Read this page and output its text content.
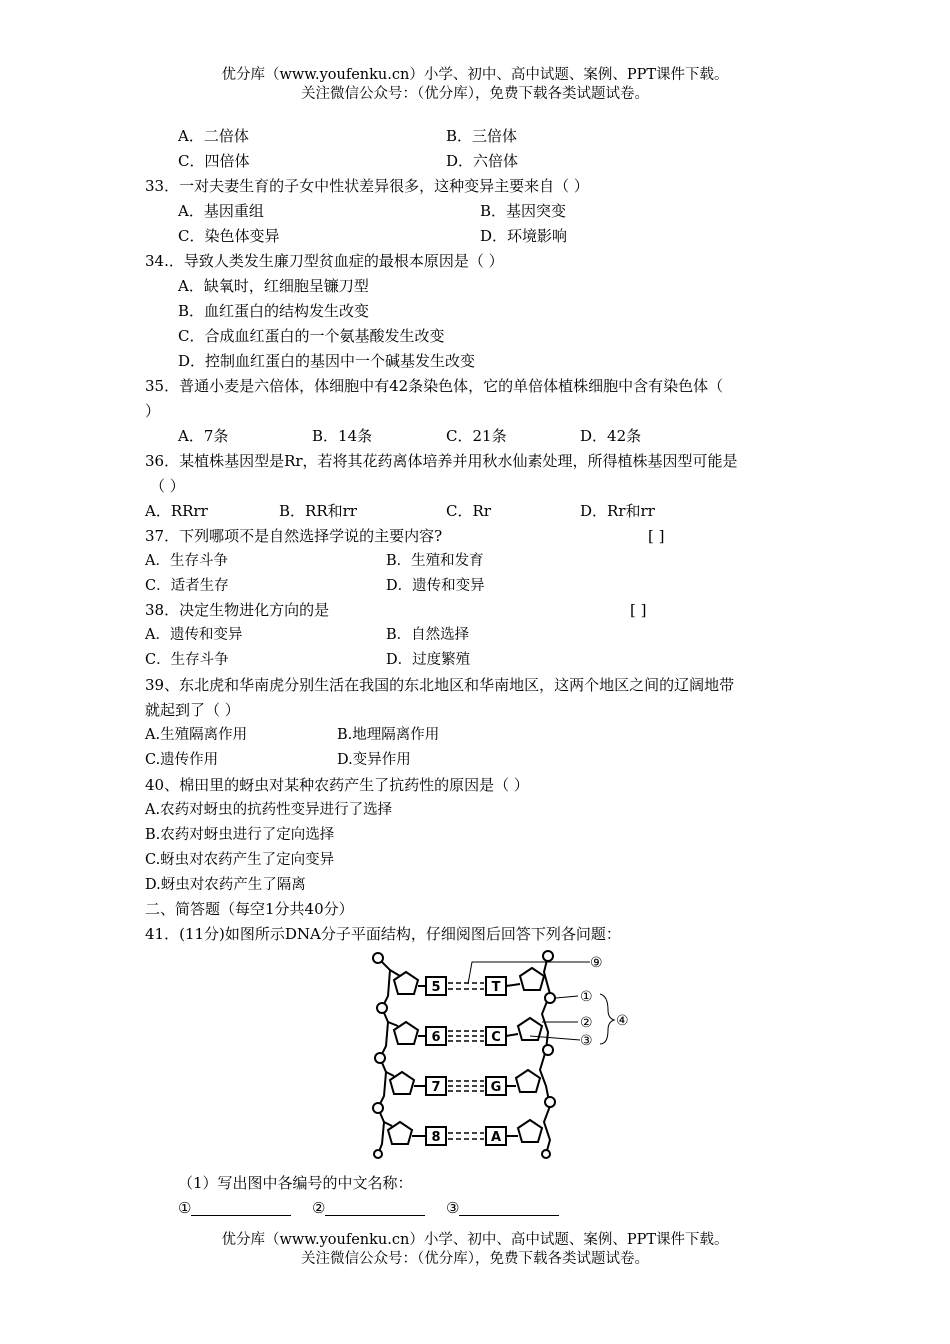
优分库（www.youfenku.cn）小学、初中、高中试题、案例、PPT课件下载。
关注微信公众号：（优分库），免费下载各类试题试卷。
A．二倍体	B．三倍体
C．四倍体	D．六倍体
33．一对夫妻生育的子女中性状差异很多，这种变异主要来自（ ）
A．基因重组	B．基因突变
C．染色体变异	D．环境影响
34.．导致人类发生廉刀型贫血症的最根本原因是（ ）
A．缺氧时，红细胞呈镰刀型
B．血红蛋白的结构发生改变
C．合成血红蛋白的一个氨基酸发生改变
D．控制血红蛋白的基因中一个碱基发生改变
35．普通小麦是六倍体，体细胞中有42条染色体，它的单倍体植株细胞中含有染色体（
）
A．7条	B．14条	C．21条	D．42条
36．某植株基因型是Rr，若将其花药离体培养并用秋水仙素处理，所得植株基因型可能是
（ ）
A．RRrr	B．RR和rr	C．Rr	D．Rr和rr
37．下列哪项不是自然选择学说的主要内容?	[ ]
A．生存斗争	B．生殖和发育
C．适者生存	D．遗传和变异
38．决定生物进化方向的是	[ ]
A．遗传和变异	B．自然选择
C．生存斗争	D．过度繁殖
39、东北虎和华南虎分别生活在我国的东北地区和华南地区，这两个地区之间的辽阔地带
就起到了（ ）
A.生殖隔离作用	B.地理隔离作用
C.遗传作用	D.变异作用
40、棉田里的蚜虫对某种农药产生了抗药性的原因是（ ）
A.农药对蚜虫的抗药性变异进行了选择
B.农药对蚜虫进行了定向选择
C.蚜虫对农药产生了定向变异
D.蚜虫对农药产生了隔离
二、简答题（每空1分共40分）
41．(11分)如图所示DNA分子平面结构，仔细阅图后回答下列各问题：
5
6
7
8
T
C
G
A
⑨
①
②
③
④
（1）写出图中各编号的中文名称：
①	②	③
优分库（www.youfenku.cn）小学、初中、高中试题、案例、PPT课件下载。
关注微信公众号：（优分库），免费下载各类试题试卷。
